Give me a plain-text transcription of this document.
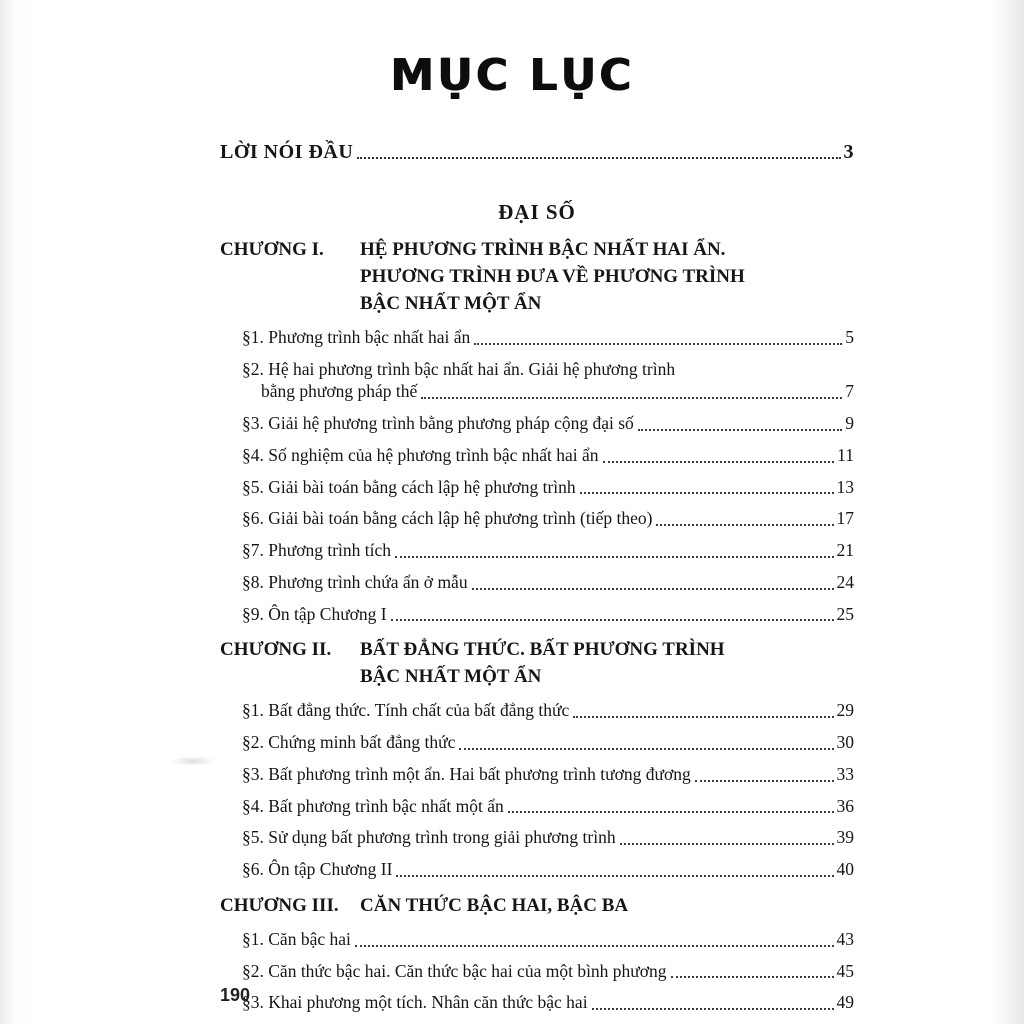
MỤC LỤC
LỜI NÓI ĐẦU	3
ĐẠI SỐ
CHƯƠNG I.	HỆ PHƯƠNG TRÌNH BẬC NHẤT HAI ẨN.
PHƯƠNG TRÌNH ĐƯA VỀ PHƯƠNG TRÌNH
BẬC NHẤT MỘT ẨN
§1. Phương trình bậc nhất hai ẩn	5
§2. Hệ hai phương trình bậc nhất hai ẩn. Giải hệ phương trình
bằng phương pháp thế	7
§3. Giải hệ phương trình bằng phương pháp cộng đại số	9
§4. Số nghiệm của hệ phương trình bậc nhất hai ẩn	11
§5. Giải bài toán bằng cách lập hệ phương trình	13
§6. Giải bài toán bằng cách lập hệ phương trình (tiếp theo)	17
§7. Phương trình tích	21
§8. Phương trình chứa ẩn ở mẫu	24
§9. Ôn tập Chương I	25
CHƯƠNG II.	BẤT ĐẲNG THỨC. BẤT PHƯƠNG TRÌNH
BẬC NHẤT MỘT ẨN
§1. Bất đẳng thức. Tính chất của bất đẳng thức	29
§2. Chứng minh bất đẳng thức	30
§3. Bất phương trình một ẩn. Hai bất phương trình tương đương	33
§4. Bất phương trình bậc nhất một ẩn	36
§5. Sử dụng bất phương trình trong giải phương trình	39
§6. Ôn tập Chương II	40
CHƯƠNG III.	CĂN THỨC BẬC HAI, BẬC BA
§1. Căn bậc hai	43
§2. Căn thức bậc hai. Căn thức bậc hai của một bình phương	45
§3. Khai phương một tích. Nhân căn thức bậc hai	49
190
